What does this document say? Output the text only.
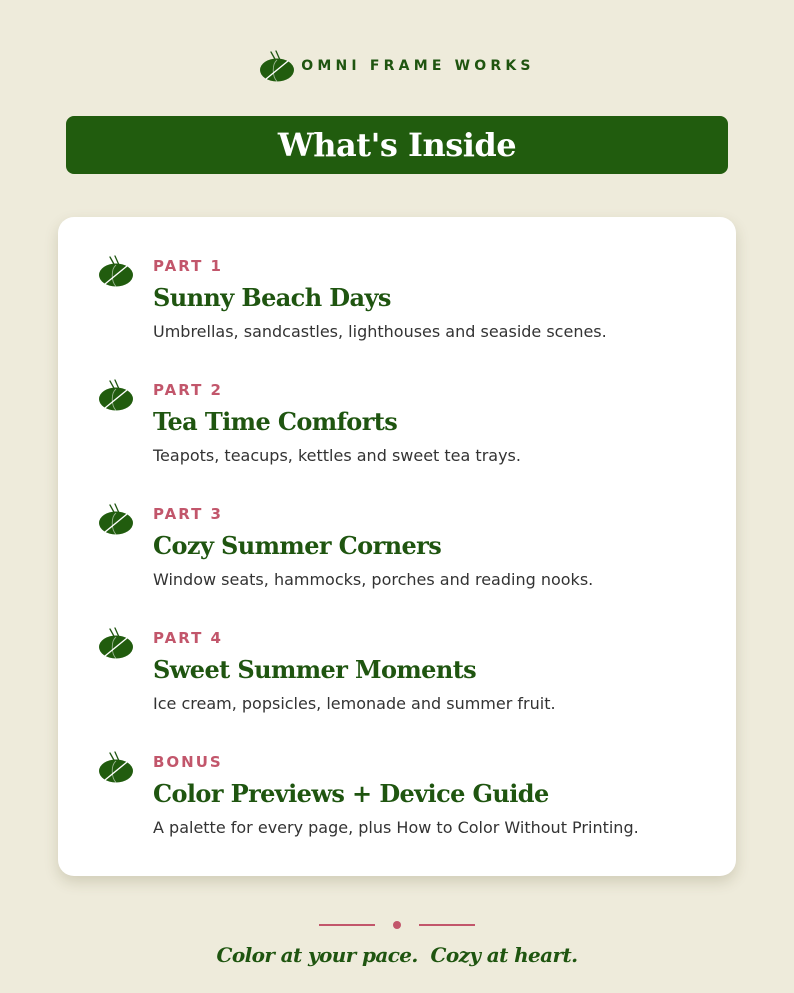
OMNI FRAME WORKS
What's Inside
PART 1
Sunny Beach Days
Umbrellas, sandcastles, lighthouses and seaside scenes.
PART 2
Tea Time Comforts
Teapots, teacups, kettles and sweet tea trays.
PART 3
Cozy Summer Corners
Window seats, hammocks, porches and reading nooks.
PART 4
Sweet Summer Moments
Ice cream, popsicles, lemonade and summer fruit.
BONUS
Color Previews + Device Guide
A palette for every page, plus How to Color Without Printing.
Color at your pace.  Cozy at heart.
